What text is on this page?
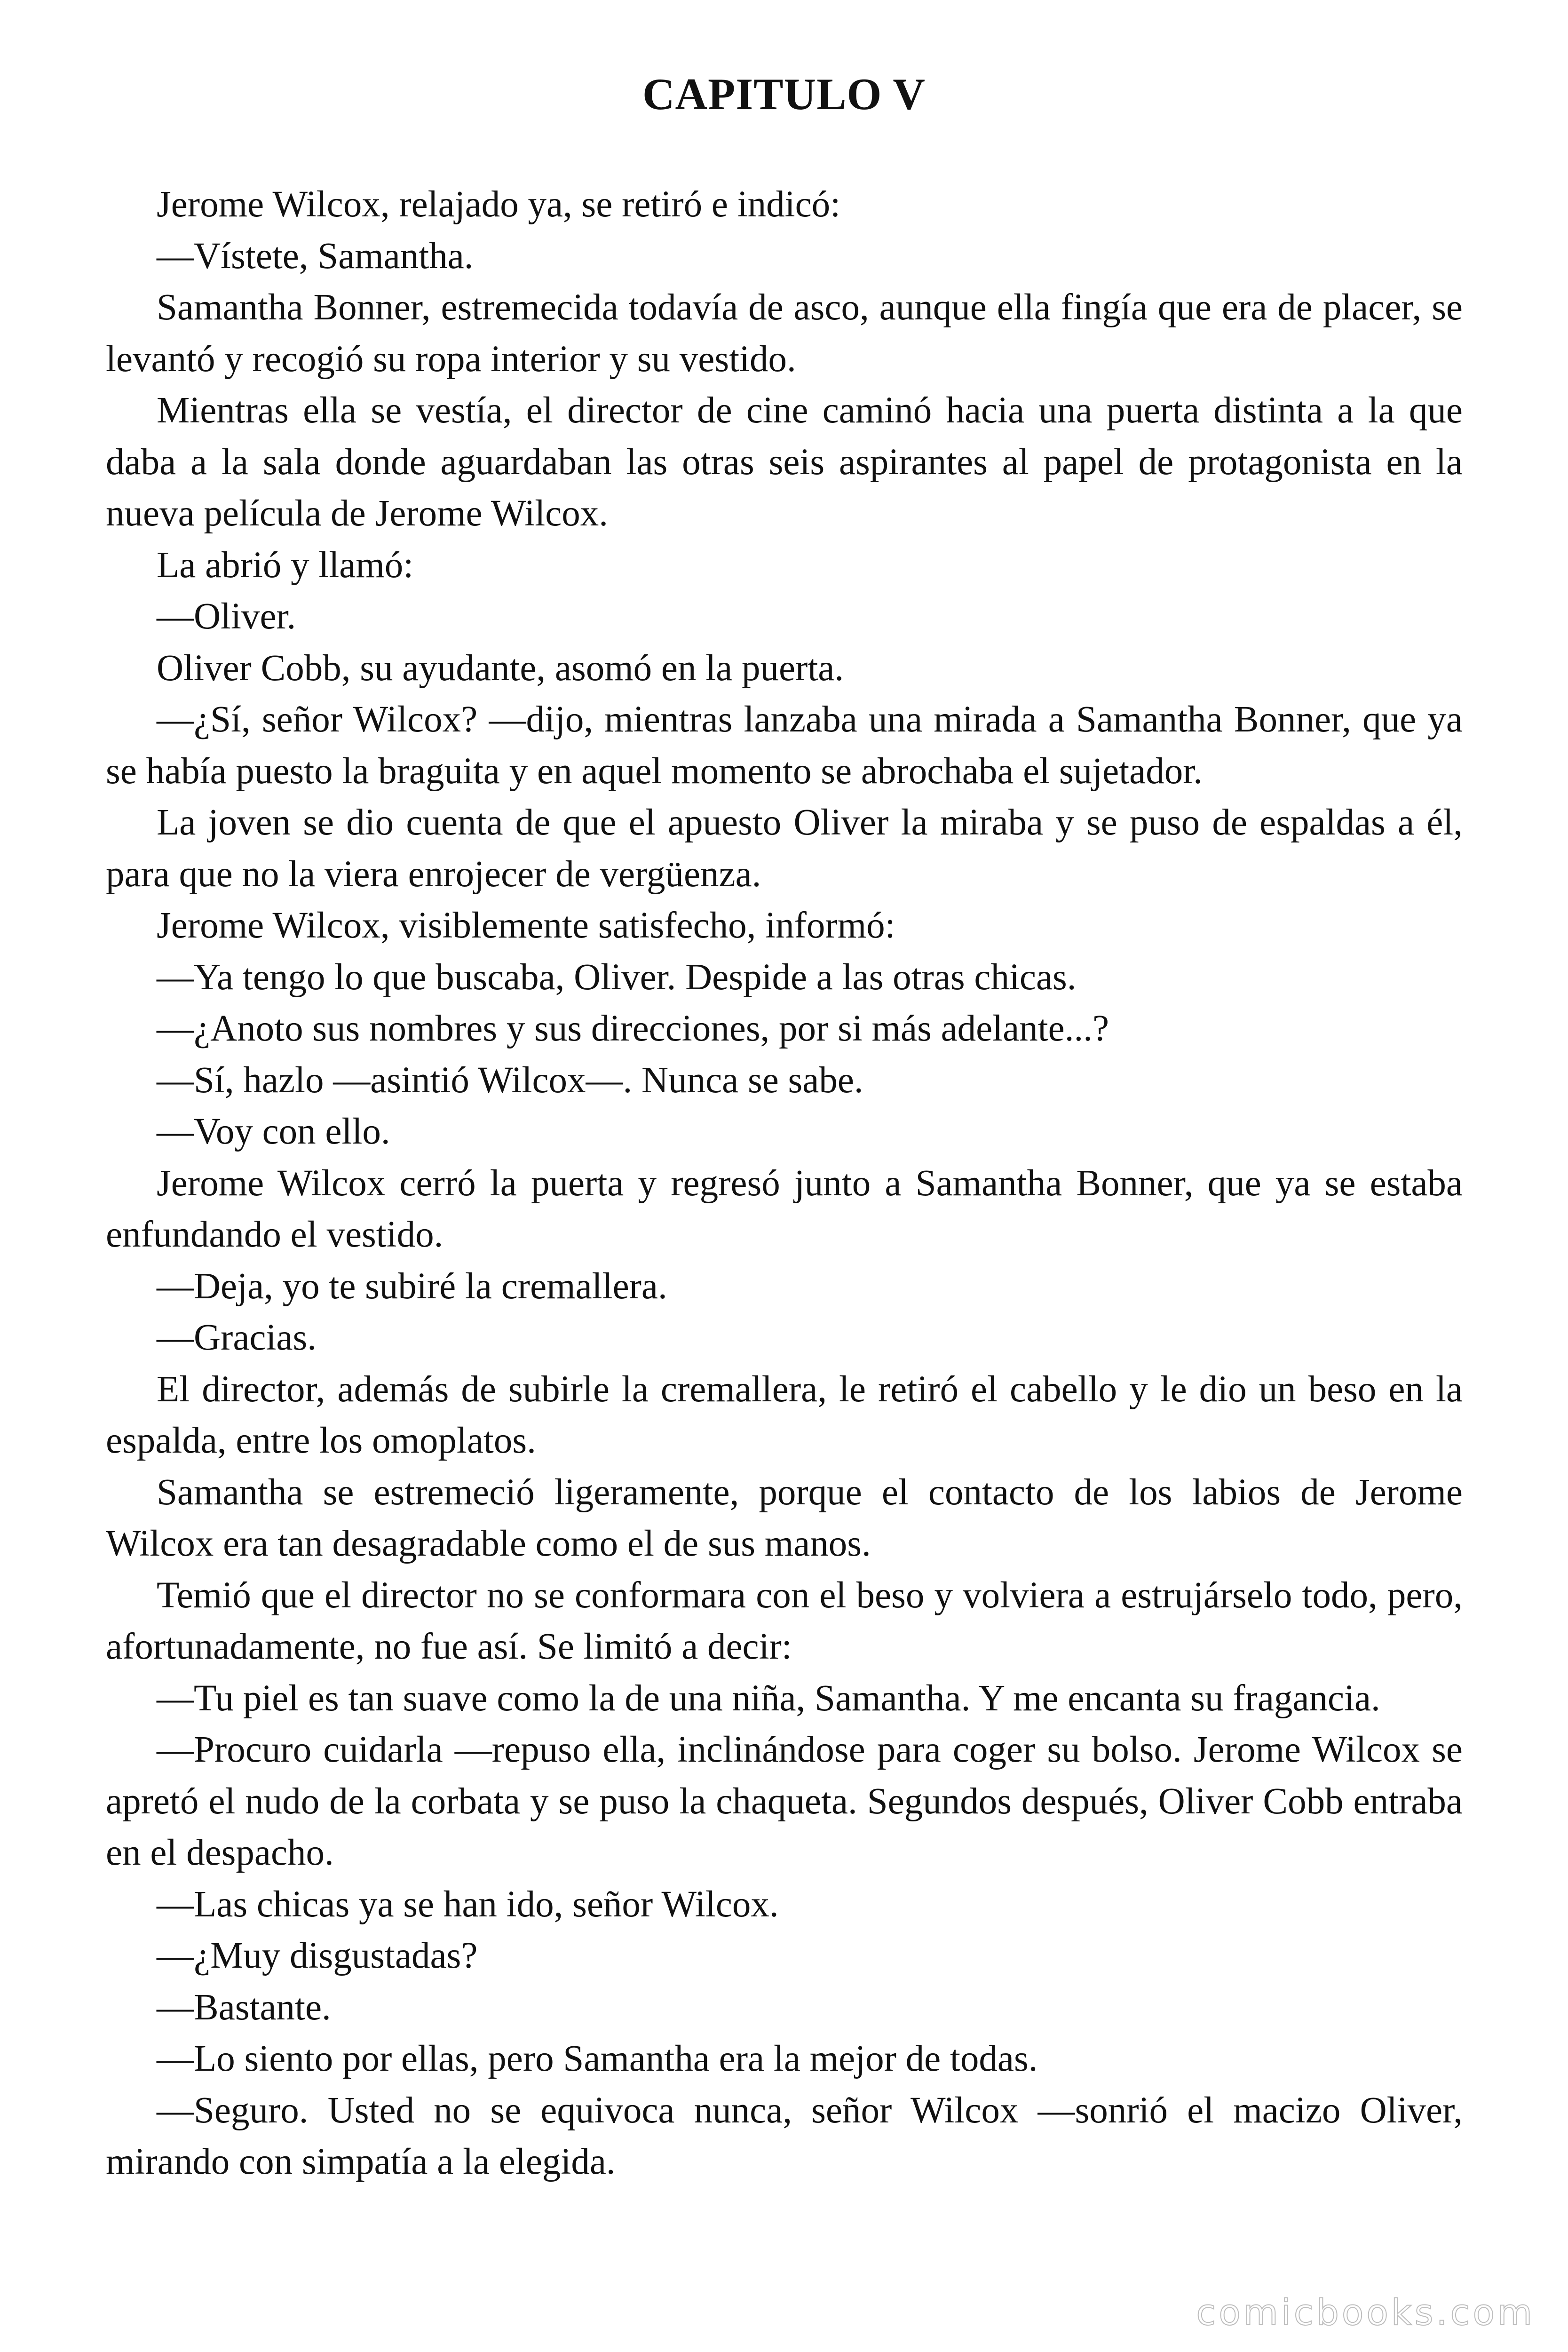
CAPITULO V

Jerome Wilcox, relajado ya, se retiró e indicó:

—Vístete, Samantha.

Samantha Bonner, estremecida todavía de asco, aunque ella fingía que era de placer, se levantó y recogió su ropa interior y su vestido.

Mientras ella se vestía, el director de cine caminó hacia una puerta distinta a la que daba a la sala donde aguardaban las otras seis aspirantes al papel de protagonista en la nueva película de Jerome Wilcox.

La abrió y llamó:

—Oliver.

Oliver Cobb, su ayudante, asomó en la puerta.

—¿Sí, señor Wilcox? —dijo, mientras lanzaba una mirada a Samantha Bonner, que ya se había puesto la braguita y en aquel momento se abrochaba el sujetador.

La joven se dio cuenta de que el apuesto Oliver la miraba y se puso de espaldas a él, para que no la viera enrojecer de vergüenza.

Jerome Wilcox, visiblemente satisfecho, informó:

—Ya tengo lo que buscaba, Oliver. Despide a las otras chicas.

—¿Anoto sus nombres y sus direcciones, por si más adelante...?

—Sí, hazlo —asintió Wilcox—. Nunca se sabe.

—Voy con ello.

Jerome Wilcox cerró la puerta y regresó junto a Samantha Bonner, que ya se estaba enfundando el vestido.

—Deja, yo te subiré la cremallera.

—Gracias.

El director, además de subirle la cremallera, le retiró el cabello y le dio un beso en la espalda, entre los omoplatos.

Samantha se estremeció ligeramente, porque el contacto de los labios de Jerome Wilcox era tan desagradable como el de sus manos.

Temió que el director no se conformara con el beso y volviera a estrujárselo todo, pero, afortunadamente, no fue así. Se limitó a decir:

—Tu piel es tan suave como la de una niña, Samantha. Y me encanta su fragancia.

—Procuro cuidarla —repuso ella, inclinándose para coger su bolso. Jerome Wilcox se apretó el nudo de la corbata y se puso la chaqueta. Segundos después, Oliver Cobb entraba en el despacho.

—Las chicas ya se han ido, señor Wilcox.

—¿Muy disgustadas?

—Bastante.

—Lo siento por ellas, pero Samantha era la mejor de todas.

—Seguro. Usted no se equivoca nunca, señor Wilcox —sonrió el macizo Oliver, mirando con simpatía a la elegida.

comicbooks.com
